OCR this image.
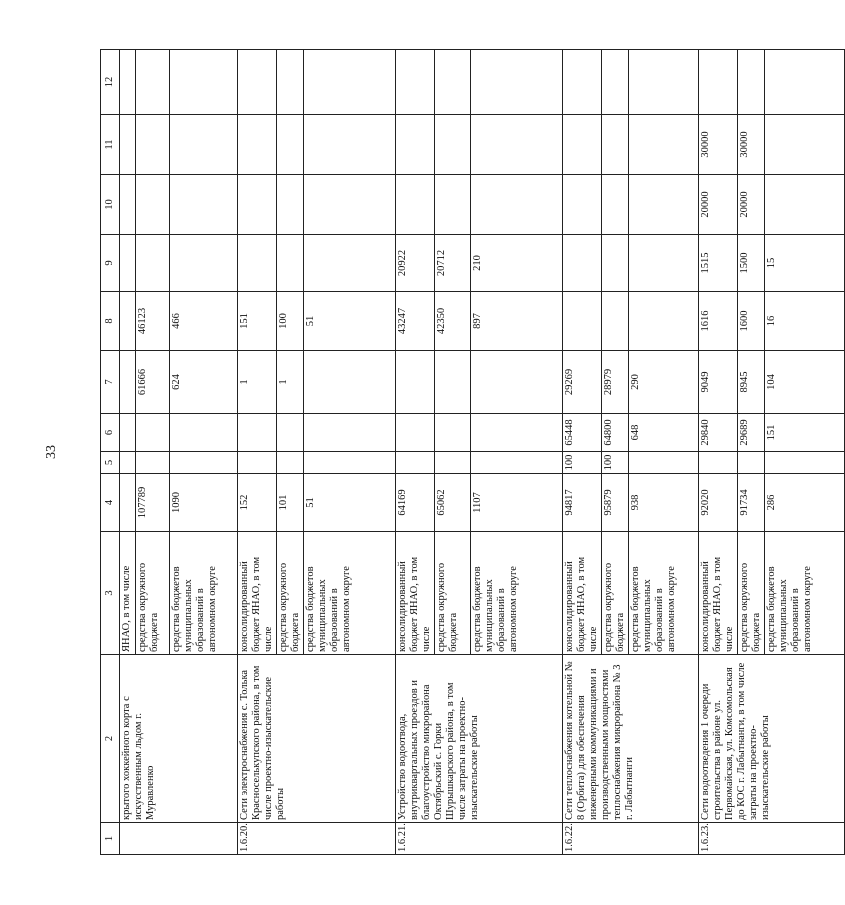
33
1	2	3	4	5	6	7	8	9	10	11	12
	крытого хоккейного корта с искусственным льдом г. Муравленко	ЯНАО, в том числе									
		средства окружного бюджета	107789			61666	46123				
		средства бюджетов муниципальных образований в автономном округе	1090			624	466				
1.6.20.	Сети электроснабжения с. Толька Красноселькупского района, в том числе проектно-изыскательские работы	консолидированный бюджет ЯНАО, в том числе	152			1	151				
		средства окружного бюджета	101			1	100				
		средства бюджетов муниципальных образований в автономном округе	51				51				
1.6.21.	Устройство водоотвода, внутриквартальных проездов и благоустройство микрорайона Октябрьский с. Горки Шурышкарского района, в том числе затраты на проектно-изыскательские работы	консолидированный бюджет ЯНАО, в том числе	64169				43247	20922			
		средства окружного бюджета	65062				42350	20712			
		средства бюджетов муниципальных образований в автономном округе	1107				897	210			
1.6.22.	Сети теплоснабжения котельной № 8 (Орбита) для обеспечения инженерными коммуникациями и производственными мощностями теплоснабжения микрорайона № 3 г. Лабытнанги	консолидированный бюджет ЯНАО, в том числе	94817	100	65448	29269					
		средства окружного бюджета	95879	100	64800	28979					
		средства бюджетов муниципальных образований в автономном округе	938		648	290					
1.6.23.	Сети водоотведения 1 очереди строительства в районе ул. Первомайская, ул. Комсомольская до КОС г. Лабытнанги, в том числе затраты на проектно-изыскательские работы	консолидированный бюджет ЯНАО, в том числе	92020		29840	9049	1616	1515	20000	30000	
		средства окружного бюджета	91734		29689	8945	1600	1500	20000	30000	
		средства бюджетов муниципальных образований в автономном округе	286		151	104	16	15			
